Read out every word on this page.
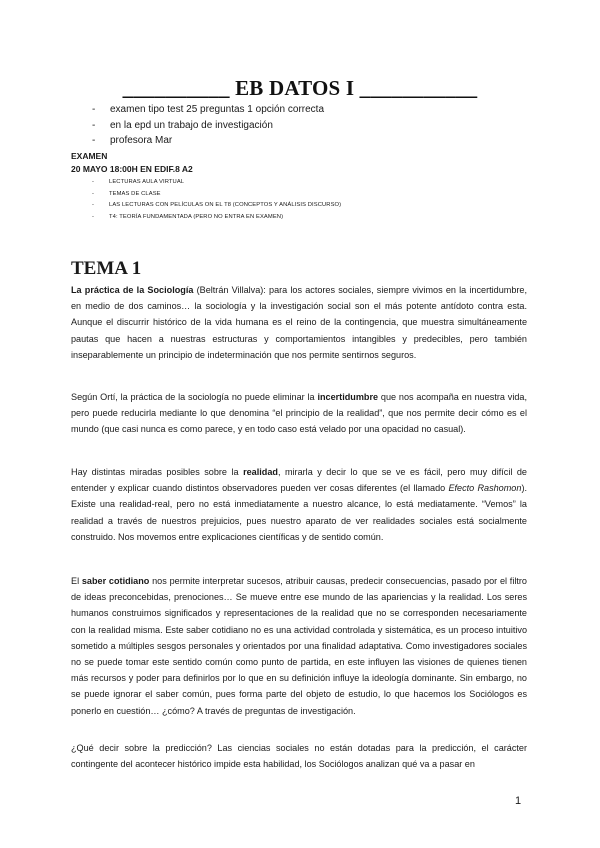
__________ EB DATOS I ___________
- examen tipo test 25 preguntas 1 opción correcta
- en la epd un trabajo de investigación
- profesora Mar
EXAMEN
20 MAYO 18:00H EN EDIF.8 A2
-	LECTURAS AULA VIRTUAL
-	TEMAS DE CLASE
-	LAS LECTURAS CON PELÍCULAS ON EL T8 (CONCEPTOS Y ANÁLISIS DISCURSO)
-	T4: TEORÍA FUNDAMENTADA (PERO NO ENTRA EN EXAMEN)
TEMA 1

La práctica de la Sociología (Beltrán Villalva): para los actores sociales, siempre vivimos en la incertidumbre, en medio de dos caminos… la sociología y la investigación social son el más potente antídoto contra esta. Aunque el discurrir histórico de la vida humana es el reino de la contingencia, que muestra simultáneamente pautas que hacen a nuestras estructuras y comportamientos intangibles y predecibles, pero también inseparablemente un principio de indeterminación que nos permite sentirnos seguros.

Según Ortí, la práctica de la sociología no puede eliminar la incertidumbre que nos acompaña en nuestra vida, pero puede reducirla mediante lo que denomina “el principio de la realidad”, que nos permite decir cómo es el mundo (que casi nunca es como parece, y en todo caso está velado por una opacidad no casual).

Hay distintas miradas posibles sobre la realidad, mirarla y decir lo que se ve es fácil, pero muy difícil de entender y explicar cuando distintos observadores pueden ver cosas diferentes (el llamado Efecto Rashomon). Existe una realidad-real, pero no está inmediatamente a nuestro alcance, lo está mediatamente. “Vemos” la realidad a través de nuestros prejuicios, pues nuestro aparato de ver realidades sociales está socialmente construido. Nos movemos entre explicaciones científicas y de sentido común.

El saber cotidiano nos permite interpretar sucesos, atribuir causas, predecir consecuencias, pasado por el filtro de ideas preconcebidas, prenociones… Se mueve entre ese mundo de las apariencias y la realidad. Los seres humanos construimos significados y representaciones de la realidad que no se corresponden necesariamente con la realidad misma. Este saber cotidiano no es una actividad controlada y sistemática, es un proceso intuitivo sometido a múltiples sesgos personales y orientados por una finalidad adaptativa. Como investigadores sociales no se puede tomar este sentido común como punto de partida, en este influyen las visiones de quienes tienen más recursos y poder para definirlos por lo que en su definición influye la ideología dominante. Sin embargo, no se puede ignorar el saber común, pues forma parte del objeto de estudio, lo que hacemos los Sociólogos es ponerlo en cuestión… ¿cómo? A través de preguntas de investigación.

¿Qué decir sobre la predicción? Las ciencias sociales no están dotadas para la predicción, el carácter contingente del acontecer histórico impide esta habilidad, los Sociólogos analizan qué va a pasar en

1
